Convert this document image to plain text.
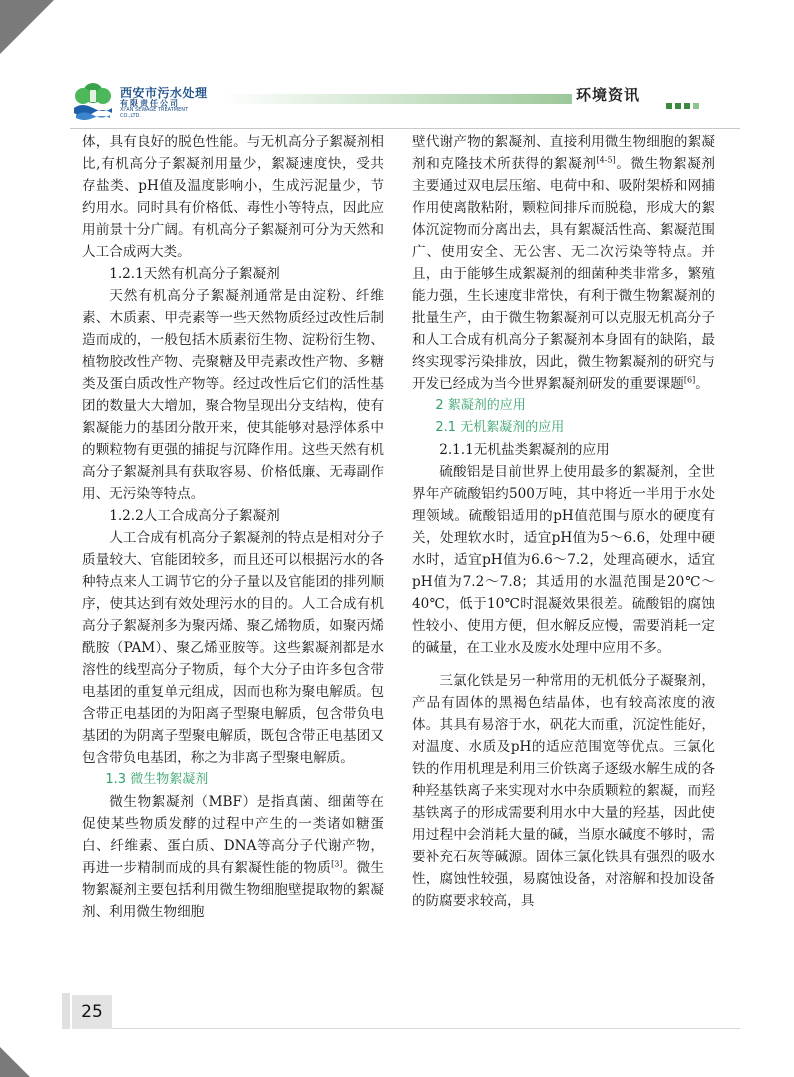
西安市污水处理
有限责任公司
XI'AN SEWAGE TREATMENT CO.,LTD.
环境资讯

体，具有良好的脱色性能。与无机高分子絮凝剂相比,有机高分子絮凝剂用量少，絮凝速度快，受共存盐类、pH值及温度影响小，生成污泥量少，节约用水。同时具有价格低、毒性小等特点，因此应用前景十分广阔。有机高分子絮凝剂可分为天然和人工合成两大类。

1.2.1天然有机高分子絮凝剂

天然有机高分子絮凝剂通常是由淀粉、纤维素、木质素、甲壳素等一些天然物质经过改性后制造而成的，一般包括木质素衍生物、淀粉衍生物、植物胶改性产物、壳聚糖及甲壳素改性产物、多糖类及蛋白质改性产物等。经过改性后它们的活性基团的数量大大增加，聚合物呈现出分支结构，使有絮凝能力的基团分散开来，使其能够对悬浮体系中的颗粒物有更强的捕捉与沉降作用。这些天然有机高分子絮凝剂具有获取容易、价格低廉、无毒副作用、无污染等特点。

1.2.2人工合成高分子絮凝剂

人工合成有机高分子絮凝剂的特点是相对分子质量较大、官能团较多，而且还可以根据污水的各种特点来人工调节它的分子量以及官能团的排列顺序，使其达到有效处理污水的目的。人工合成有机高分子絮凝剂多为聚丙烯、聚乙烯物质，如聚丙烯酰胺（PAM）、聚乙烯亚胺等。这些絮凝剂都是水溶性的线型高分子物质，每个大分子由许多包含带电基团的重复单元组成，因而也称为聚电解质。包含带正电基团的为阳离子型聚电解质，包含带负电基团的为阴离子型聚电解质，既包含带正电基团又包含带负电基团，称之为非离子型聚电解质。

1.3 微生物絮凝剂

微生物絮凝剂（MBF）是指真菌、细菌等在促使某些物质发酵的过程中产生的一类诸如糖蛋白、纤维素、蛋白质、DNA等高分子代谢产物，再进一步精制而成的具有絮凝性能的物质[3]。微生物絮凝剂主要包括利用微生物细胞壁提取物的絮凝剂、利用微生物细胞

壁代谢产物的絮凝剂、直接利用微生物细胞的絮凝剂和克隆技术所获得的絮凝剂[4-5]。微生物絮凝剂主要通过双电层压缩、电荷中和、吸附架桥和网捕作用使离散粘附，颗粒间排斥而脱稳，形成大的絮体沉淀物而分离出去，具有絮凝活性高、絮凝范围广、使用安全、无公害、无二次污染等特点。并且，由于能够生成絮凝剂的细菌种类非常多，繁殖能力强，生长速度非常快，有利于微生物絮凝剂的批量生产，由于微生物絮凝剂可以克服无机高分子和人工合成有机高分子絮凝剂本身固有的缺陷，最终实现零污染排放，因此，微生物絮凝剂的研究与开发已经成为当今世界絮凝剂研发的重要课题[6]。

2 絮凝剂的应用

2.1 无机絮凝剂的应用

2.1.1无机盐类絮凝剂的应用

硫酸铝是目前世界上使用最多的絮凝剂，全世界年产硫酸铝约500万吨，其中将近一半用于水处理领域。硫酸铝适用的pH值范围与原水的硬度有关，处理软水时，适宜pH值为5～6.6，处理中硬水时，适宜pH值为6.6～7.2，处理高硬水，适宜pH值为7.2～7.8；其适用的水温范围是20℃～40℃，低于10℃时混凝效果很差。硫酸铝的腐蚀性较小、使用方便，但水解反应慢，需要消耗一定的碱量，在工业水及废水处理中应用不多。

三氯化铁是另一种常用的无机低分子凝聚剂，产品有固体的黑褐色结晶体，也有较高浓度的液体。其具有易溶于水，矾花大而重，沉淀性能好，对温度、水质及pH的适应范围宽等优点。三氯化铁的作用机理是利用三价铁离子逐级水解生成的各种羟基铁离子来实现对水中杂质颗粒的絮凝，而羟基铁离子的形成需要利用水中大量的羟基，因此使用过程中会消耗大量的碱，当原水碱度不够时，需要补充石灰等碱源。固体三氯化铁具有强烈的吸水性，腐蚀性较强，易腐蚀设备，对溶解和投加设备的防腐要求较高，具

25
